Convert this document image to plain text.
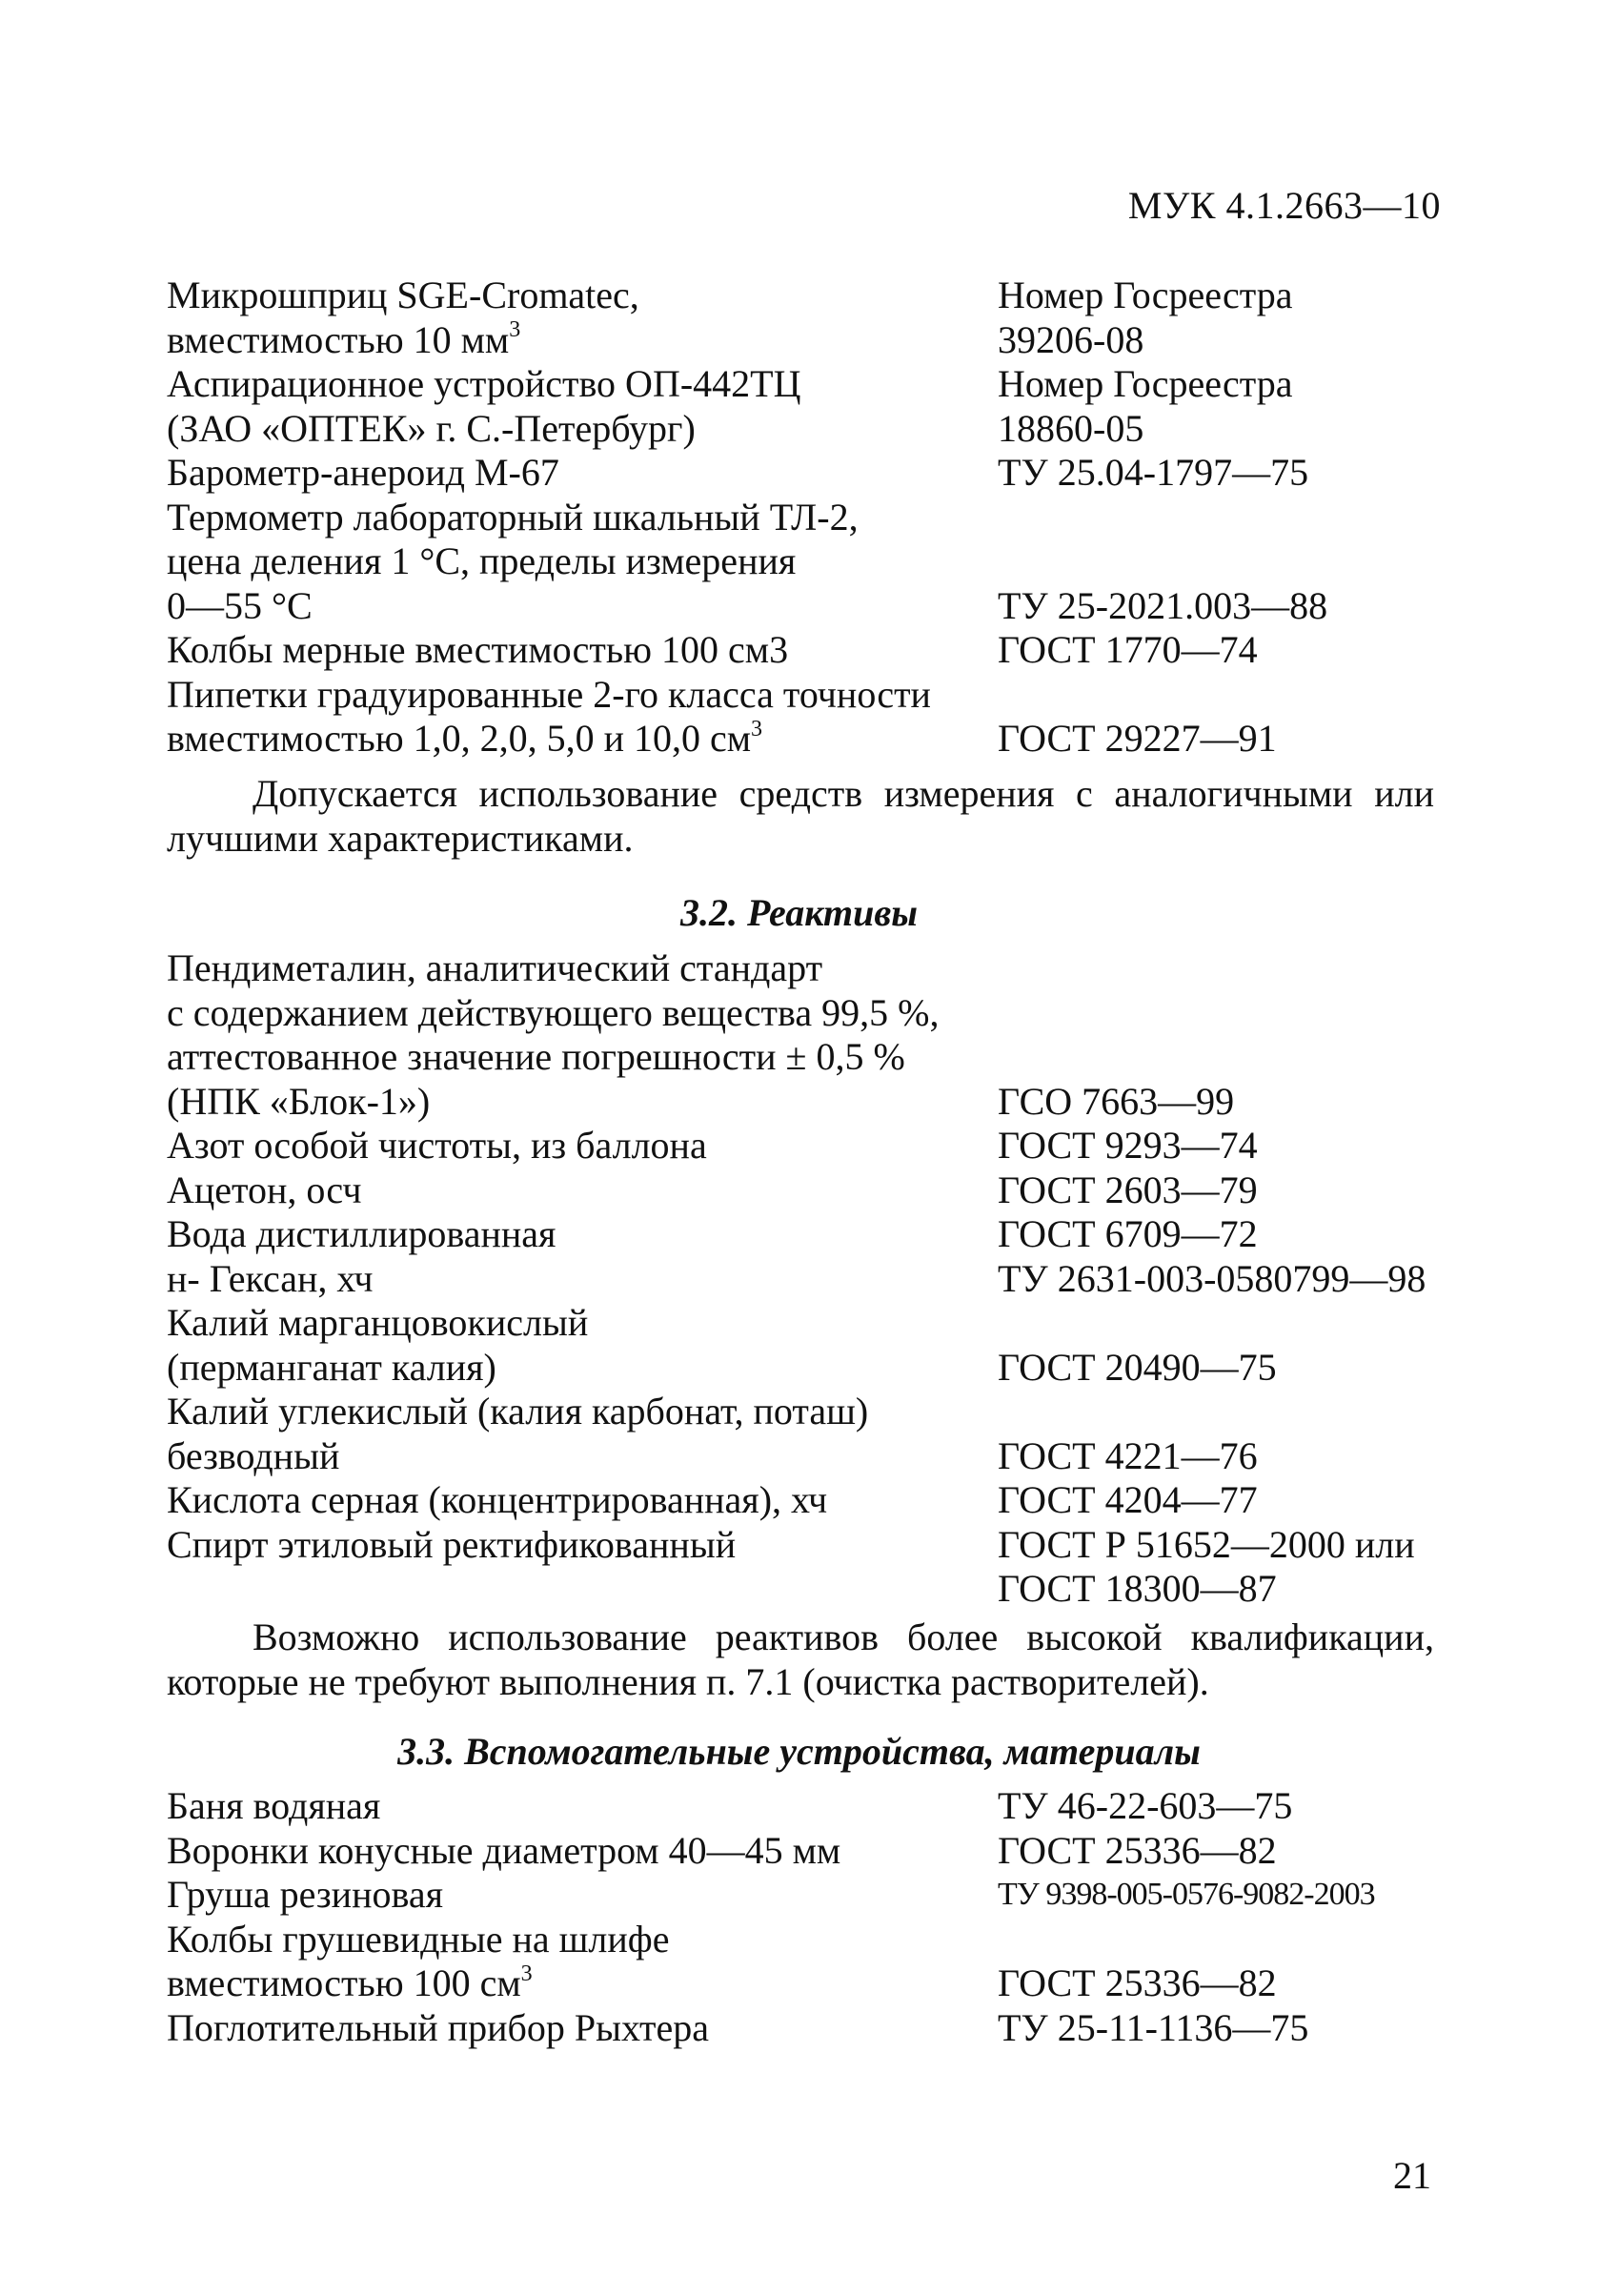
МУК 4.1.2663—10
Микрошприц SGE-Cromatec,	Номер Госреестра
вместимостью 10 $мм^3$	39206-08
Аспирационное устройство ОП-442ТЦ	Номер Госреестра
(ЗАО «ОПТЕК» г. С.-Петербург)	18860-05
Барометр-анероид М-67	ТУ 25.04-1797—75
Термометр лабораторный шкальный ТЛ-2,
цена деления 1 °С, пределы измерения
0—55 °С	ТУ 25-2021.003—88
Колбы мерные вместимостью 100 см3	ГОСТ 1770—74
Пипетки градуированные 2-го класса точности
вместимостью 1,0, 2,0, 5,0 и 10,0 $см^3$	ГОСТ 29227—91
Допускается использование средств измерения с аналогичными или лучшими характеристиками.
3.2. Реактивы
Пендиметалин, аналитический стандарт
с содержанием действующего вещества 99,5 %,
аттестованное значение погрешности ± 0,5 %
(НПК «Блок-1»)	ГСО 7663—99
Азот особой чистоты, из баллона	ГОСТ 9293—74
Ацетон, осч	ГОСТ 2603—79
Вода дистиллированная	ГОСТ 6709—72
н- Гексан, хч	ТУ 2631-003-0580799—98
Калий марганцовокислый
(перманганат калия)	ГОСТ 20490—75
Калий углекислый (калия карбонат, поташ)
безводный	ГОСТ 4221—76
Кислота серная (концентрированная), хч	ГОСТ 4204—77
Спирт этиловый ректификованный	ГОСТ Р 51652—2000 или
ГОСТ 18300—87
Возможно использование реактивов более высокой квалификации, которые не требуют выполнения п. 7.1 (очистка растворителей).
3.3. Вспомогательные устройства, материалы
Баня водяная	ТУ 46-22-603—75
Воронки конусные диаметром 40—45 мм	ГОСТ 25336—82
Груша резиновая	ТУ 9398-005-0576-9082-2003
Колбы грушевидные на шлифе
вместимостью 100 $см^3$	ГОСТ 25336—82
Поглотительный прибор Рыхтера	ТУ 25-11-1136—75
21
